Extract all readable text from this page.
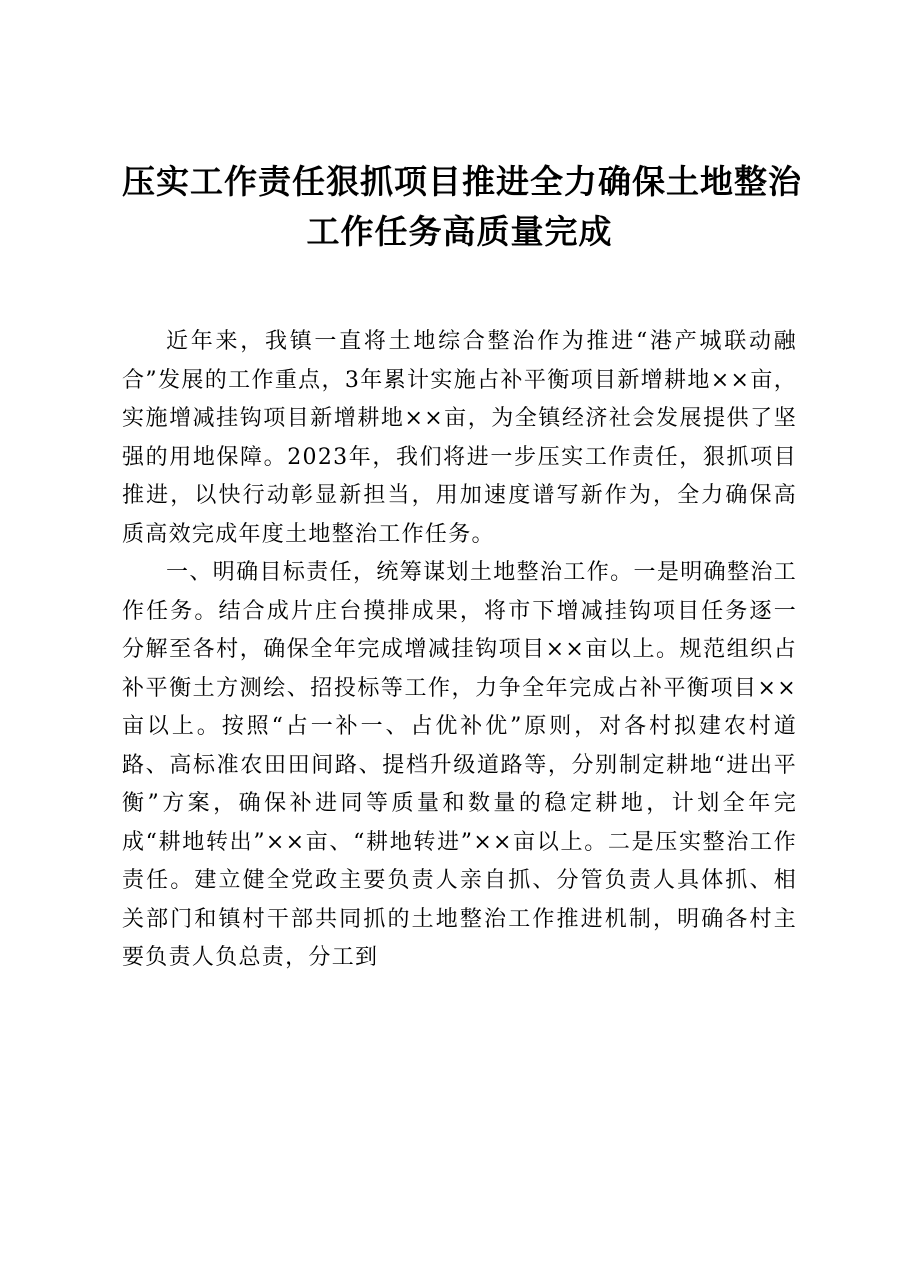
压实工作责任狠抓项目推进全力确保土地整治
工作任务高质量完成

近年来，我镇一直将土地综合整治作为推进“港产城联动融合”发展的工作重点，3年累计实施占补平衡项目新增耕地××亩，实施增减挂钩项目新增耕地××亩，为全镇经济社会发展提供了坚强的用地保障。2023年，我们将进一步压实工作责任，狠抓项目推进，以快行动彰显新担当，用加速度谱写新作为，全力确保高质高效完成年度土地整治工作任务。

一、明确目标责任，统筹谋划土地整治工作。一是明确整治工作任务。结合成片庄台摸排成果，将市下增减挂钩项目任务逐一分解至各村，确保全年完成增减挂钩项目××亩以上。规范组织占补平衡土方测绘、招投标等工作，力争全年完成占补平衡项目××亩以上。按照“占一补一、占优补优”原则，对各村拟建农村道路、高标准农田田间路、提档升级道路等，分别制定耕地“进出平衡”方案，确保补进同等质量和数量的稳定耕地，计划全年完成“耕地转出”××亩、“耕地转进”××亩以上。二是压实整治工作责任。建立健全党政主要负责人亲自抓、分管负责人具体抓、相关部门和镇村干部共同抓的土地整治工作推进机制，明确各村主要负责人负总责，分工到
